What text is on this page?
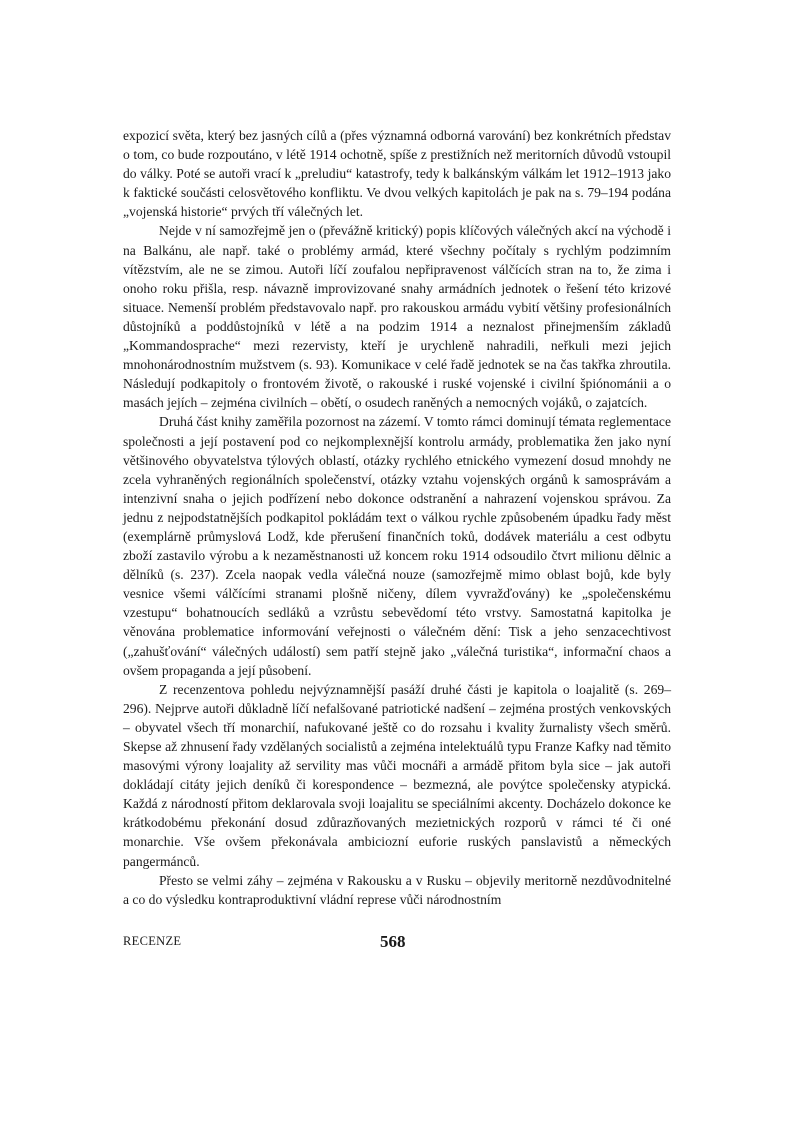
expozicí světa, který bez jasných cílů a (přes významná odborná varování) bez konkrétních představ o tom, co bude rozpoutáno, v létě 1914 ochotně, spíše z prestižních než meritorních důvodů vstoupil do války. Poté se autoři vrací k „preludiu“ katastrofy, tedy k balkánským válkám let 1912–1913 jako k faktické součásti celosvětového konfliktu. Ve dvou velkých kapitolách je pak na s. 79–194 podána „vojenská historie“ prvých tří válečných let.

Nejde v ní samozřejmě jen o (převážně kritický) popis klíčových válečných akcí na východě i na Balkánu, ale např. také o problémy armád, které všechny počítaly s rychlým podzimním vítězstvím, ale ne se zimou. Autoři líčí zoufalou nepřipravenost válčících stran na to, že zima i onoho roku přišla, resp. návazně improvizované snahy armádních jednotek o řešení této krizové situace. Nemenší problém představovalo např. pro rakouskou armádu vybití většiny profesionálních důstojníků a poddůstojníků v létě a na podzim 1914 a neznalost přinejmenším základů „Kommandosprache“ mezi rezervisty, kteří je urychleně nahradili, neřkuli mezi jejich mnohonárodnostním mužstvem (s. 93). Komunikace v celé řadě jednotek se na čas takřka zhroutila. Následují podkapitoly o frontovém životě, o rakouské i ruské vojenské i civilní špiónománii a o masách jejích – zejména civilních – obětí, o osudech raněných a nemocných vojáků, o zajatcích.

Druhá část knihy zaměřila pozornost na zázemí. V tomto rámci dominují témata reglementace společnosti a její postavení pod co nejkomplexnější kontrolu armády, problematika žen jako nyní většinového obyvatelstva týlových oblastí, otázky rychlého etnického vymezení dosud mnohdy ne zcela vyhraněných regionálních společenství, otázky vztahu vojenských orgánů k samosprávám a intenzivní snaha o jejich podřízení nebo dokonce odstranění a nahrazení vojenskou správou. Za jednu z nejpodstatnějších podkapitol pokládám text o válkou rychle způsobeném úpadku řady měst (exemplárně průmyslová Lodž, kde přerušení finančních toků, dodávek materiálu a cest odbytu zboží zastavilo výrobu a k nezaměstnanosti už koncem roku 1914 odsoudilo čtvrt milionu dělnic a dělníků (s. 237). Zcela naopak vedla válečná nouze (samozřejmě mimo oblast bojů, kde byly vesnice všemi válčícími stranami plošně ničeny, dílem vyvražďovány) ke „společenskému vzestupu“ bohatnoucích sedláků a vzrůstu sebevědomí této vrstvy. Samostatná kapitolka je věnována problematice informování veřejnosti o válečném dění: Tisk a jeho senzacechtivost („zahušťování“ válečných událostí) sem patří stejně jako „válečná turistika“, informační chaos a ovšem propaganda a její působení.

Z recenzentova pohledu nejvýznamnější pasáží druhé části je kapitola o loajalitě (s. 269–296). Nejprve autoři důkladně líčí nefalšované patriotické nadšení – zejména prostých venkovských – obyvatel všech tří monarchií, nafukované ještě co do rozsahu i kvality žurnalisty všech směrů. Skepse až zhnusení řady vzdělaných socialistů a zejména intelektuálů typu Franze Kafky nad těmito masovými výrony loajality až servility mas vůči mocnáři a armádě přitom byla sice – jak autoři dokládají citáty jejich deníků či korespondence – bezmezná, ale povýtce společensky atypická. Každá z národností přitom deklarovala svoji loajalitu se speciálními akcenty. Docházelo dokonce ke krátkodobému překonání dosud zdůrazňovaných mezietnických rozporů v rámci té či oné monarchie. Vše ovšem překonávala ambiciozní euforie ruských panslavistů a německých pangermánců.

Přesto se velmi záhy – zejména v Rakousku a v Rusku – objevily meritorně nezdůvodnitelné a co do výsledku kontraproduktivní vládní represe vůči národnostním

RECENZE	568
